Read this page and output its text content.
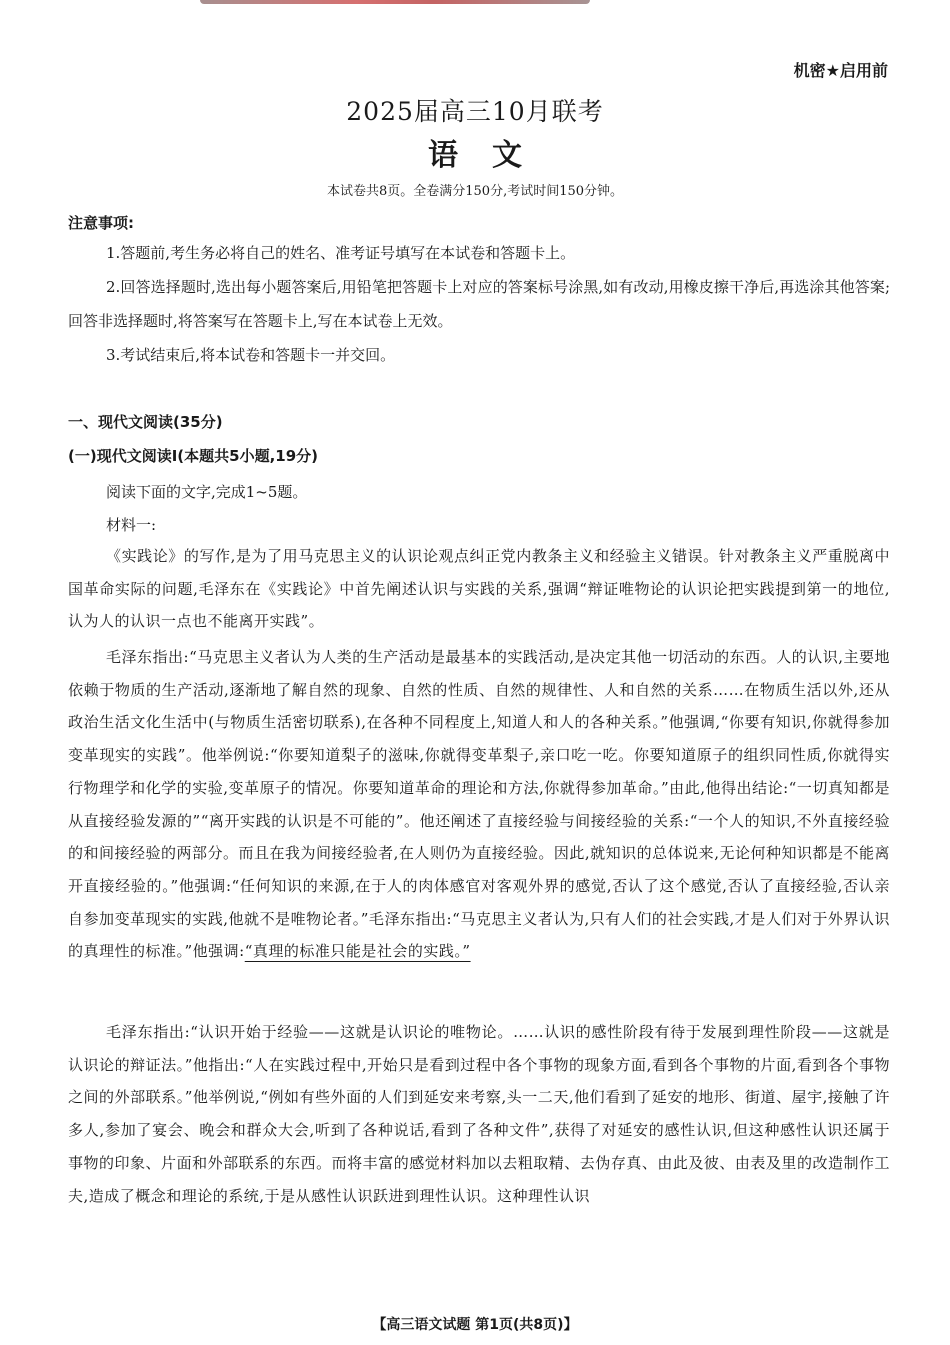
机密★启用前
2025届高三10月联考
语文
本试卷共8页。全卷满分150分,考试时间150分钟。
注意事项:
1.答题前,考生务必将自己的姓名、准考证号填写在本试卷和答题卡上。
2.回答选择题时,选出每小题答案后,用铅笔把答题卡上对应的答案标号涂黑,如有改动,用橡皮擦干净后,再选涂其他答案;回答非选择题时,将答案写在答题卡上,写在本试卷上无效。
3.考试结束后,将本试卷和答题卡一并交回。
一、现代文阅读(35分)
(一)现代文阅读Ⅰ(本题共5小题,19分)
阅读下面的文字,完成1~5题。
材料一:
《实践论》的写作,是为了用马克思主义的认识论观点纠正党内教条主义和经验主义错误。针对教条主义严重脱离中国革命实际的问题,毛泽东在《实践论》中首先阐述认识与实践的关系,强调“辩证唯物论的认识论把实践提到第一的地位,认为人的认识一点也不能离开实践”。
毛泽东指出:“马克思主义者认为人类的生产活动是最基本的实践活动,是决定其他一切活动的东西。人的认识,主要地依赖于物质的生产活动,逐渐地了解自然的现象、自然的性质、自然的规律性、人和自然的关系……在物质生活以外,还从政治生活文化生活中(与物质生活密切联系),在各种不同程度上,知道人和人的各种关系。”他强调,“你要有知识,你就得参加变革现实的实践”。他举例说:“你要知道梨子的滋味,你就得变革梨子,亲口吃一吃。你要知道原子的组织同性质,你就得实行物理学和化学的实验,变革原子的情况。你要知道革命的理论和方法,你就得参加革命。”由此,他得出结论:“一切真知都是从直接经验发源的”“离开实践的认识是不可能的”。他还阐述了直接经验与间接经验的关系:“一个人的知识,不外直接经验的和间接经验的两部分。而且在我为间接经验者,在人则仍为直接经验。因此,就知识的总体说来,无论何种知识都是不能离开直接经验的。”他强调:“任何知识的来源,在于人的肉体感官对客观外界的感觉,否认了这个感觉,否认了直接经验,否认亲自参加变革现实的实践,他就不是唯物论者。”毛泽东指出:“马克思主义者认为,只有人们的社会实践,才是人们对于外界认识的真理性的标准。”他强调:“真理的标准只能是社会的实践。”
毛泽东指出:“认识开始于经验——这就是认识论的唯物论。……认识的感性阶段有待于发展到理性阶段——这就是认识论的辩证法。”他指出:“人在实践过程中,开始只是看到过程中各个事物的现象方面,看到各个事物的片面,看到各个事物之间的外部联系。”他举例说,“例如有些外面的人们到延安来考察,头一二天,他们看到了延安的地形、街道、屋宇,接触了许多人,参加了宴会、晚会和群众大会,听到了各种说话,看到了各种文件”,获得了对延安的感性认识,但这种感性认识还属于事物的印象、片面和外部联系的东西。而将丰富的感觉材料加以去粗取精、去伪存真、由此及彼、由表及里的改造制作工夫,造成了概念和理论的系统,于是从感性认识跃进到理性认识。这种理性认识
【高三语文试题 第1页(共8页)】
